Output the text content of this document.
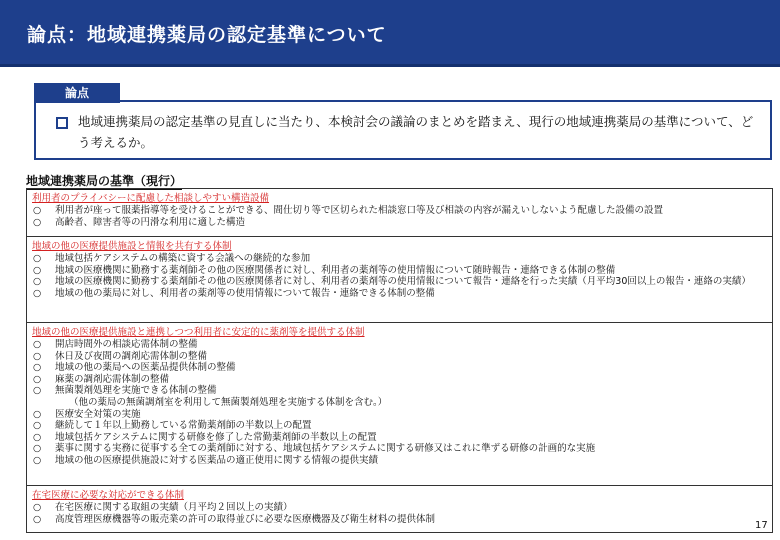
論点：地域連携薬局の認定基準について
論点
地域連携薬局の認定基準の見直しに当たり、本検討会の議論のまとめを踏まえ、現行の地域連携薬局の基準について、どう考えるか。
地域連携薬局の基準（現行）
利用者のプライバシーに配慮した相談しやすい構造設備
○ 利用者が座って服薬指導等を受けることができる、間仕切り等で区切られた相談窓口等及び相談の内容が漏えいしないよう配慮した設備の設置
○ 高齢者、障害者等の円滑な利用に適した構造
地域の他の医療提供施設と情報を共有する体制
○ 地域包括ケアシステムの構築に資する会議への継続的な参加
○ 地域の医療機関に勤務する薬剤師その他の医療関係者に対し、利用者の薬剤等の使用情報について随時報告・連絡できる体制の整備
○ 地域の医療機関に勤務する薬剤師その他の医療関係者に対し、利用者の薬剤等の使用情報について報告・連絡を行った実績（月平均30回以上の報告・連絡の実績）
○ 地域の他の薬局に対し、利用者の薬剤等の使用情報について報告・連絡できる体制の整備
地域の他の医療提供施設と連携しつつ利用者に安定的に薬剤等を提供する体制
○ 開店時間外の相談応需体制の整備
○ 休日及び夜間の調剤応需体制の整備
○ 地域の他の薬局への医薬品提供体制の整備
○ 麻薬の調剤応需体制の整備
○ 無菌製剤処理を実施できる体制の整備
（他の薬局の無菌調剤室を利用して無菌製剤処理を実施する体制を含む。）
○ 医療安全対策の実施
○ 継続して１年以上勤務している常勤薬剤師の半数以上の配置
○ 地域包括ケアシステムに関する研修を修了した常勤薬剤師の半数以上の配置
○ 薬事に関する実務に従事する全ての薬剤師に対する、地域包括ケアシステムに関する研修又はこれに準ずる研修の計画的な実施
○ 地域の他の医療提供施設に対する医薬品の適正使用に関する情報の提供実績
在宅医療に必要な対応ができる体制
○ 在宅医療に関する取組の実績（月平均２回以上の実績）
○ 高度管理医療機器等の販売業の許可の取得並びに必要な医療機器及び衛生材料の提供体制
17
